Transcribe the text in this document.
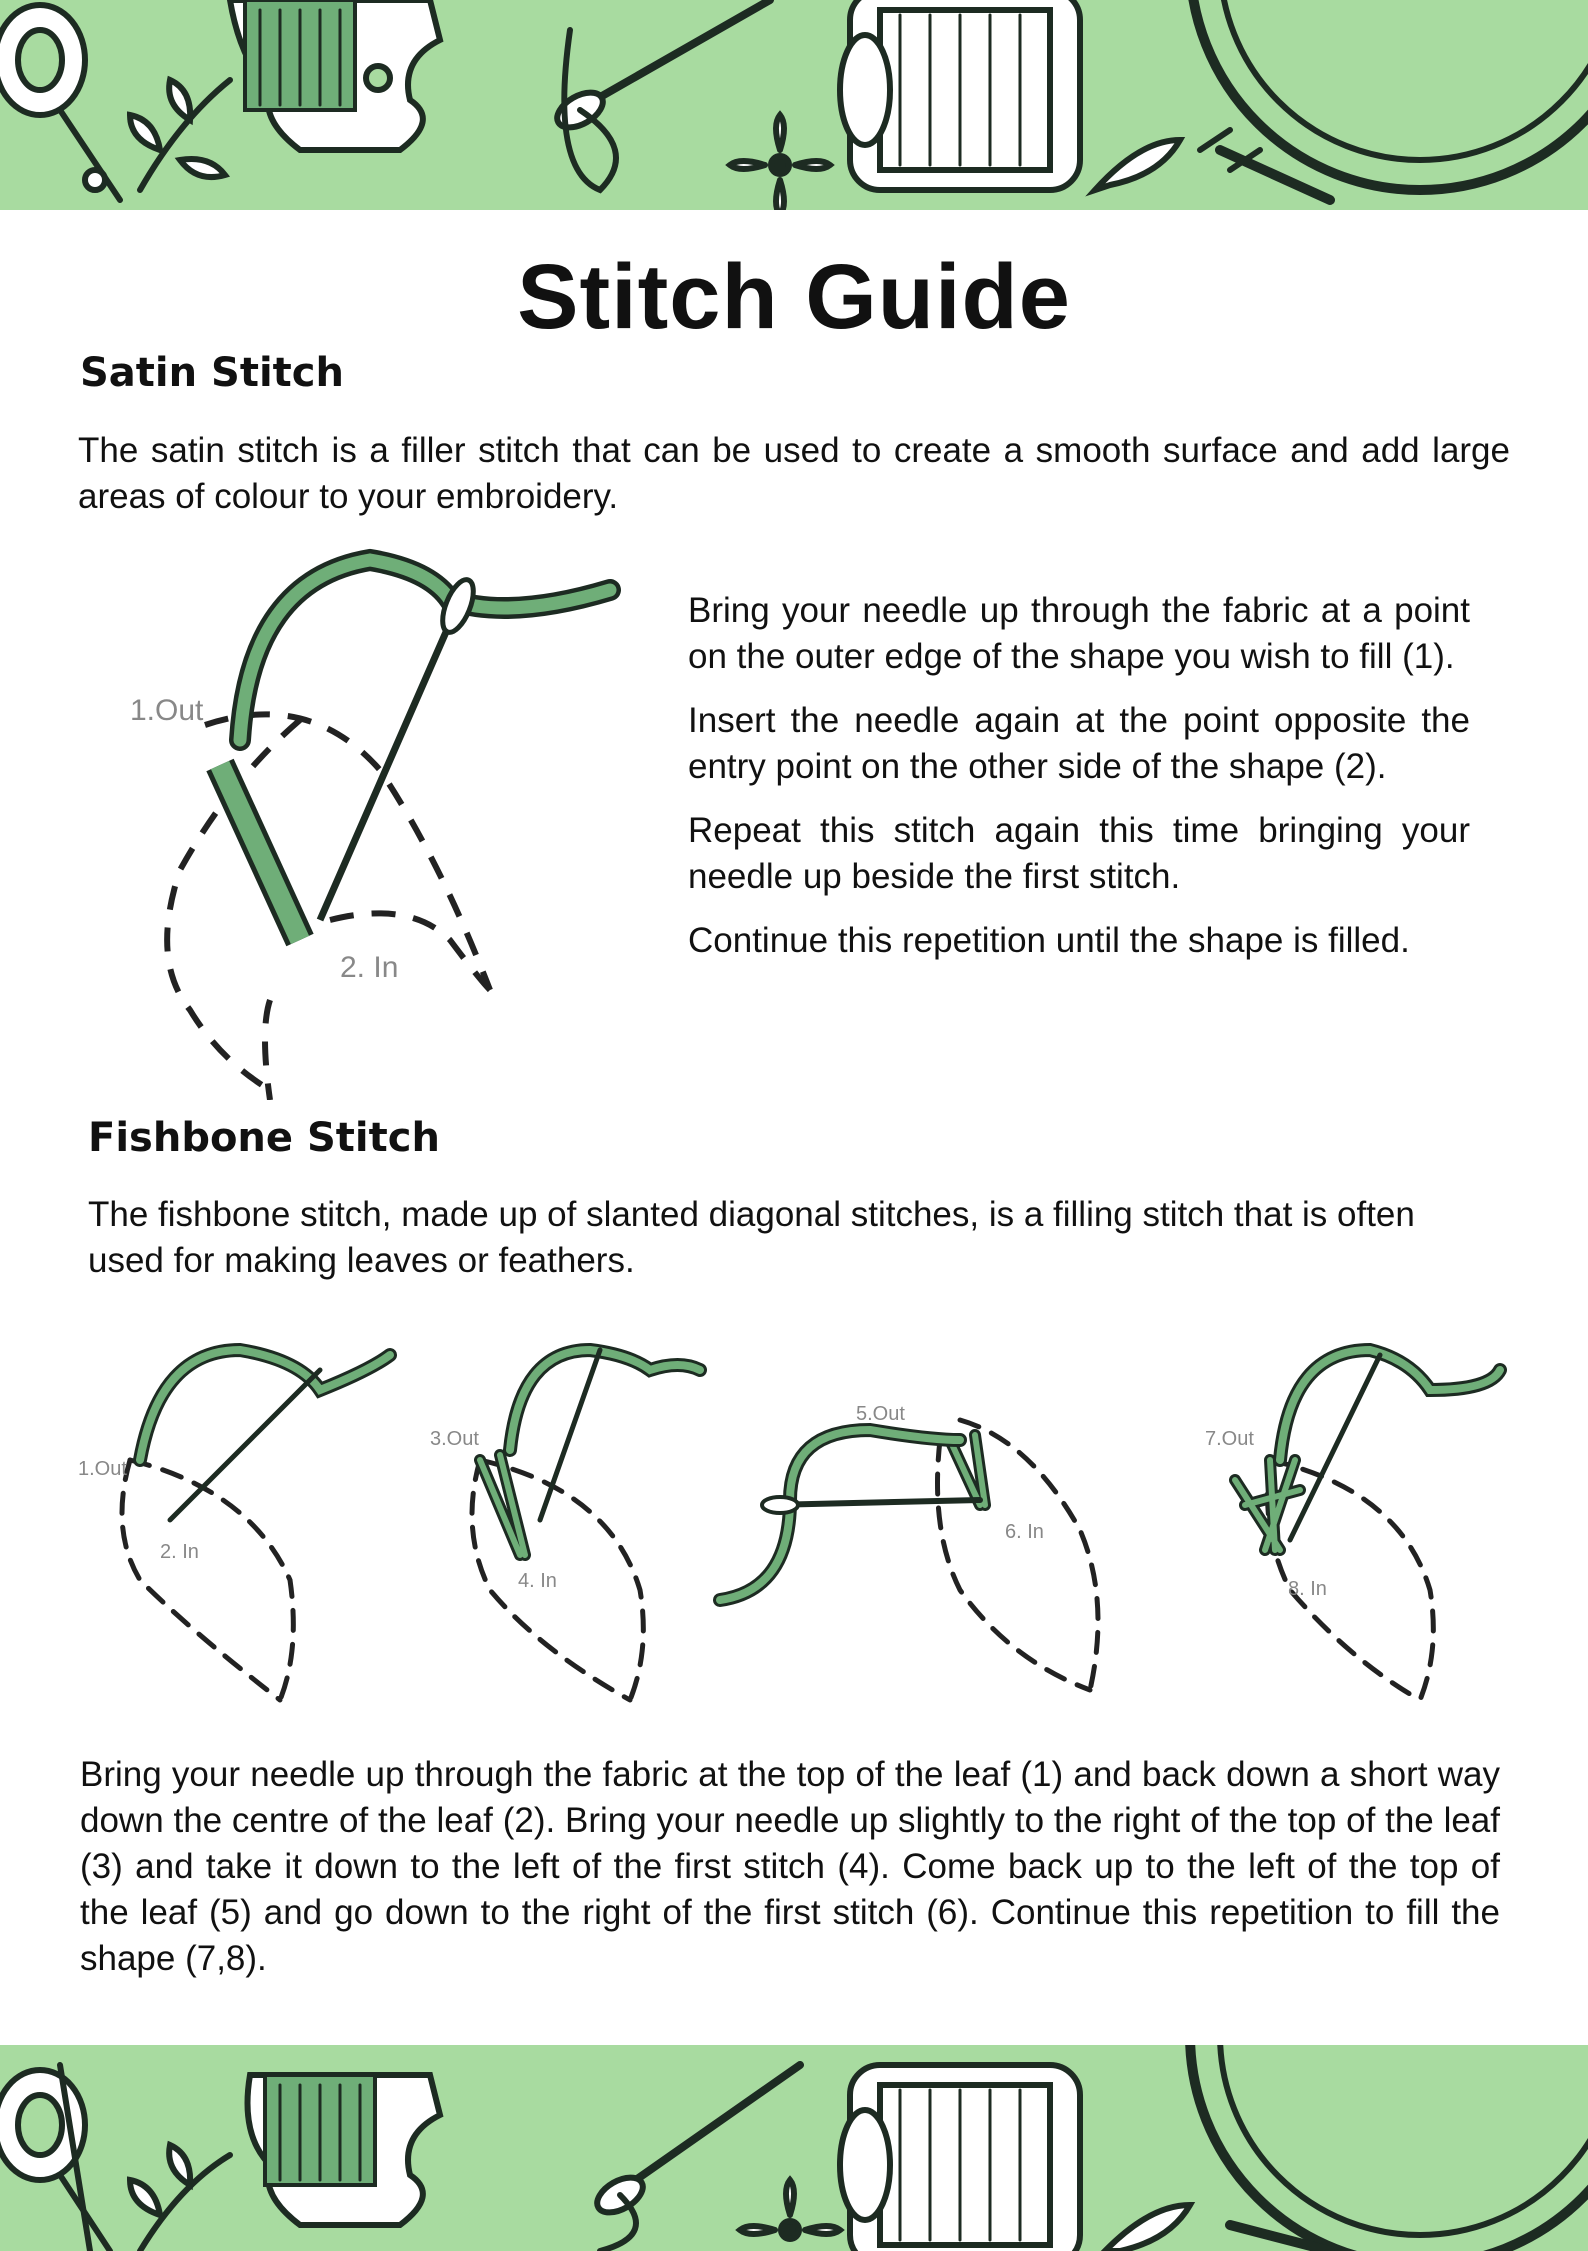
Stitch Guide
Satin Stitch

The satin stitch is a filler stitch that can be used to create a smooth surface and add large areas of colour to your embroidery.

1.Out
2. In

Bring your needle up through the fabric at a point on the outer edge of the shape you wish to fill (1).

Insert the needle again at the point opposite the entry point on the other side of the shape (2).

Repeat this stitch again this time bringing your needle up beside the first stitch.

Continue this repetition until the shape is filled.

Fishbone Stitch

The fishbone stitch, made up of slanted diagonal stitches, is a filling stitch that is often used for making leaves or feathers.

1.Out
2. In
3.Out
4. In
5.Out
6. In
7.Out
8. In

Bring your needle up through the fabric at the top of the leaf (1) and back down a short way down the centre of the leaf (2). Bring your needle up slightly to the right of the top of the leaf (3) and take it down to the left of the first stitch (4). Come back up to the left of the top of the leaf (5) and go down to the right of the first stitch (6). Continue this repetition to fill the shape (7,8).
